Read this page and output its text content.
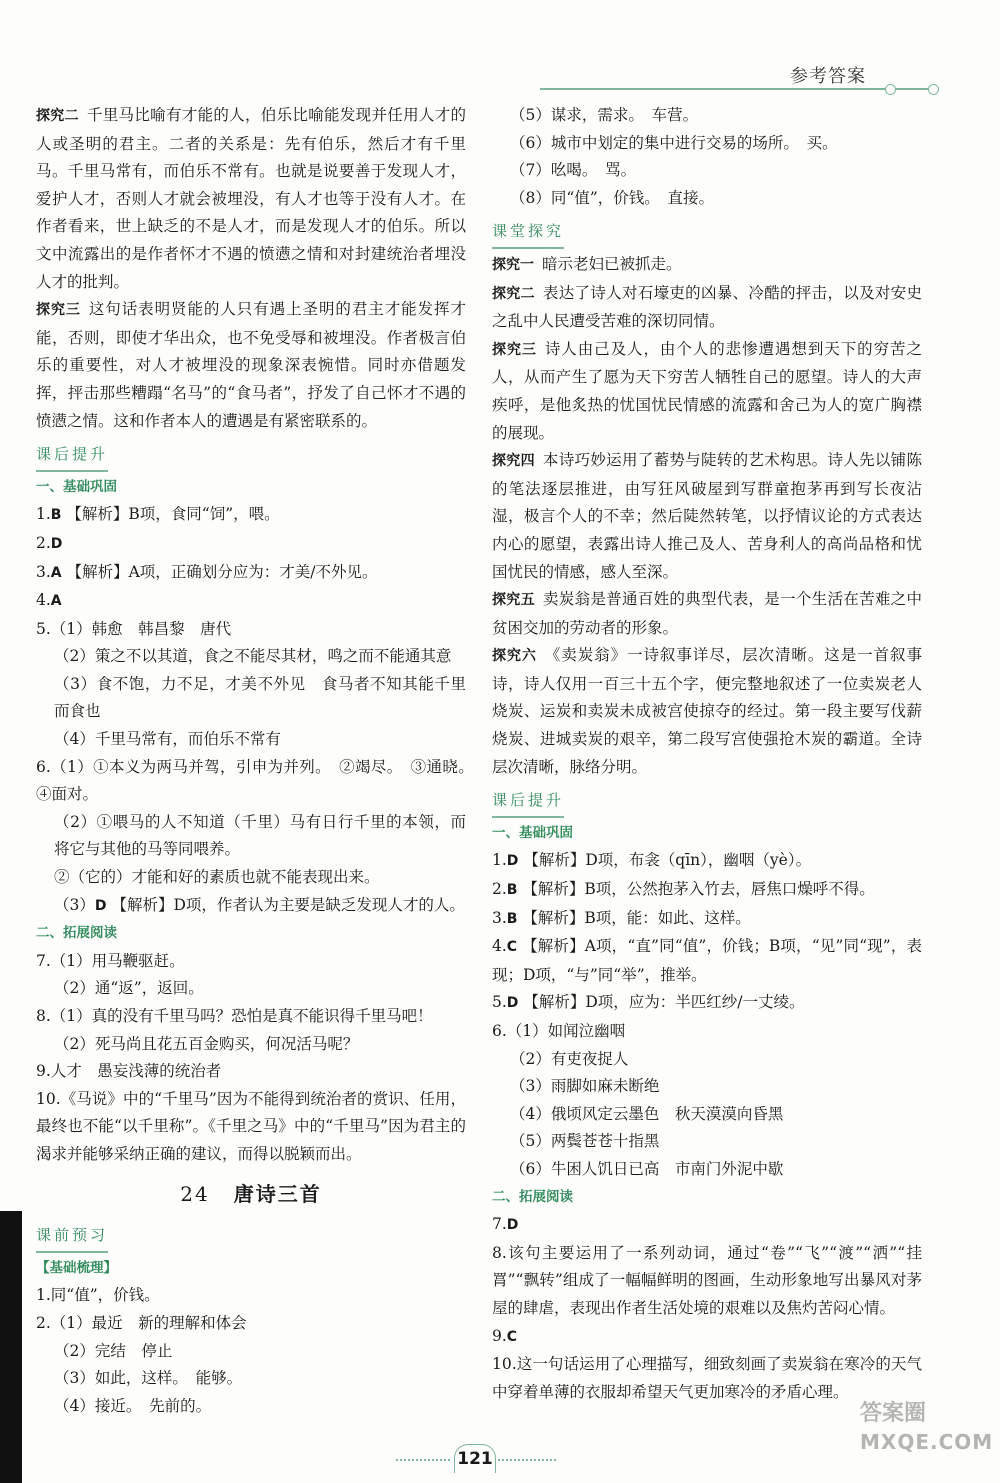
参考答案

探究二 千里马比喻有才能的人，伯乐比喻能发现并任用人才的人或圣明的君主。二者的关系是：先有伯乐，然后才有千里马。千里马常有，而伯乐不常有。也就是说要善于发现人才，爱护人才，否则人才就会被埋没，有人才也等于没有人才。在作者看来，世上缺乏的不是人才，而是发现人才的伯乐。所以文中流露出的是作者怀才不遇的愤懑之情和对封建统治者埋没人才的批判。

探究三 这句话表明贤能的人只有遇上圣明的君主才能发挥才能，否则，即使才华出众，也不免受辱和被埋没。作者极言伯乐的重要性，对人才被埋没的现象深表惋惜。同时亦借题发挥，抨击那些糟蹋“名马”的“食马者”，抒发了自己怀才不遇的愤懑之情。这和作者本人的遭遇是有紧密联系的。

课后提升

一、基础巩固

1.B 【解析】B项，食同“饲”，喂。

2.D

3.A 【解析】A项，正确划分应为：才美/不外见。

4.A

5.（1）韩愈　韩昌黎　唐代

（2）策之不以其道，食之不能尽其材，鸣之而不能通其意

（3）食不饱，力不足，才美不外见　食马者不知其能千里而食也

（4）千里马常有，而伯乐不常有

6.（1）①本义为两马并驾，引申为并列。　②竭尽。　③通晓。　④面对。

（2）①喂马的人不知道（千里）马有日行千里的本领，而将它与其他的马等同喂养。

②（它的）才能和好的素质也就不能表现出来。

（3）D 【解析】D项，作者认为主要是缺乏发现人才的人。

二、拓展阅读

7.（1）用马鞭驱赶。

（2）通“返”，返回。

8.（1）真的没有千里马吗？恐怕是真不能识得千里马吧！

（2）死马尚且花五百金购买，何况活马呢？

9.人才　愚妄浅薄的统治者

10.《马说》中的“千里马”因为不能得到统治者的赏识、任用，最终也不能“以千里称”。《千里之马》中的“千里马”因为君主的渴求并能够采纳正确的建议，而得以脱颖而出。

24 唐诗三首
课前预习

【基础梳理】

1.同“值”，价钱。

2.（1）最近　新的理解和体会

（2）完结　停止

（3）如此，这样。　能够。

（4）接近。　先前的。

（5）谋求，需求。　车营。

（6）城市中划定的集中进行交易的场所。　买。

（7）吆喝。　骂。

（8）同“值”，价钱。　直接。

课堂探究

探究一 暗示老妇已被抓走。

探究二 表达了诗人对石壕吏的凶暴、冷酷的抨击，以及对安史之乱中人民遭受苦难的深切同情。

探究三 诗人由己及人，由个人的悲惨遭遇想到天下的穷苦之人，从而产生了愿为天下穷苦人牺牲自己的愿望。诗人的大声疾呼，是他炙热的忧国忧民情感的流露和舍己为人的宽广胸襟的展现。

探究四 本诗巧妙运用了蓄势与陡转的艺术构思。诗人先以铺陈的笔法逐层推进，由写狂风破屋到写群童抱茅再到写长夜沾湿，极言个人的不幸；然后陡然转笔，以抒情议论的方式表达内心的愿望，表露出诗人推己及人、苦身利人的高尚品格和忧国忧民的情感，感人至深。

探究五 卖炭翁是普通百姓的典型代表，是一个生活在苦难之中贫困交加的劳动者的形象。

探究六 《卖炭翁》一诗叙事详尽，层次清晰。这是一首叙事诗，诗人仅用一百三十五个字，便完整地叙述了一位卖炭老人烧炭、运炭和卖炭未成被宫使掠夺的经过。第一段主要写伐薪烧炭、进城卖炭的艰辛，第二段写宫使强抢木炭的霸道。全诗层次清晰，脉络分明。

课后提升

一、基础巩固

1.D 【解析】D项，布衾（qīn），幽咽（yè）。

2.B 【解析】B项，公然抱茅入竹去，唇焦口燥呼不得。

3.B 【解析】B项，能：如此、这样。

4.C 【解析】A项，“直”同“值”，价钱；B项，“见”同“现”，表现；D项，“与”同“举”，推举。

5.D 【解析】D项，应为：半匹红纱/一丈绫。

6.（1）如闻泣幽咽

（2）有吏夜捉人

（3）雨脚如麻未断绝

（4）俄顷风定云墨色　秋天漠漠向昏黑

（5）两鬓苍苍十指黑

（6）牛困人饥日已高　市南门外泥中歇

二、拓展阅读

7.D

8.该句主要运用了一系列动词，通过“卷”“飞”“渡”“洒”“挂罥”“飘转”组成了一幅幅鲜明的图画，生动形象地写出暴风对茅屋的肆虐，表现出作者生活处境的艰难以及焦灼苦闷心情。

9.C

10.这一句话运用了心理描写，细致刻画了卖炭翁在寒冷的天气中穿着单薄的衣服却希望天气更加寒冷的矛盾心理。

121
答案圈
MXQE.COM
